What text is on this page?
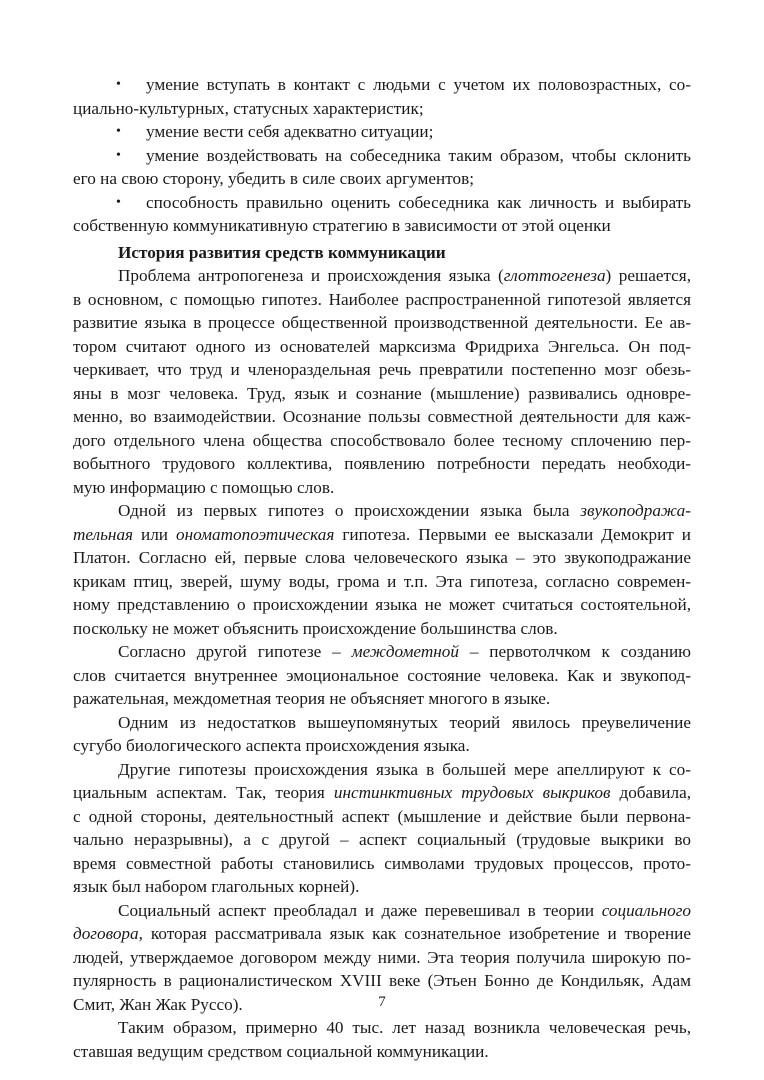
• умение вступать в контакт с людьми с учетом их половозрастных, со-
циально-культурных, статусных характеристик;
• умение вести себя адекватно ситуации;
• умение воздействовать на собеседника таким образом, чтобы склонить
его на свою сторону, убедить в силе своих аргументов;
• способность правильно оценить собеседника как личность и выбирать
собственную коммуникативную стратегию в зависимости от этой оценки
История развития средств коммуникации
Проблема антропогенеза и происхождения языка (глоттогенеза) решается,
в основном, с помощью гипотез. Наиболее распространенной гипотезой является
развитие языка в процессе общественной производственной деятельности. Ее ав-
тором считают одного из основателей марксизма Фридриха Энгельса. Он под-
черкивает, что труд и членораздельная речь превратили постепенно мозг обезь-
яны в мозг человека. Труд, язык и сознание (мышление) развивались одновре-
менно, во взаимодействии. Осознание пользы совместной деятельности для каж-
дого отдельного члена общества способствовало более тесному сплочению пер-
вобытного трудового коллектива, появлению потребности передать необходи-
мую информацию с помощью слов.
Одной из первых гипотез о происхождении языка была звукоподража-
тельная или ономатопоэтическая гипотеза. Первыми ее высказали Демокрит и
Платон. Согласно ей, первые слова человеческого языка – это звукоподражание
крикам птиц, зверей, шуму воды, грома и т.п. Эта гипотеза, согласно современ-
ному представлению о происхождении языка не может считаться состоятельной,
поскольку не может объяснить происхождение большинства слов.
Согласно другой гипотезе – междометной – первотолчком к созданию
слов считается внутреннее эмоциональное состояние человека. Как и звукопод-
ражательная, междометная теория не объясняет многого в языке.
Одним из недостатков вышеупомянутых теорий явилось преувеличение
сугубо биологического аспекта происхождения языка.
Другие гипотезы происхождения языка в большей мере апеллируют к со-
циальным аспектам. Так, теория инстинктивных трудовых выкриков добавила,
с одной стороны, деятельностный аспект (мышление и действие были первона-
чально неразрывны), а с другой – аспект социальный (трудовые выкрики во
время совместной работы становились символами трудовых процессов, прото-
язык был набором глагольных корней).
Социальный аспект преобладал и даже перевешивал в теории социального
договора, которая рассматривала язык как сознательное изобретение и творение
людей, утверждаемое договором между ними. Эта теория получила широкую по-
пулярность в рационалистическом XVIII веке (Этьен Бонно де Кондильяк, Адам
Смит, Жан Жак Руссо).
Таким образом, примерно 40 тыс. лет назад возникла человеческая речь,
ставшая ведущим средством социальной коммуникации.
7
